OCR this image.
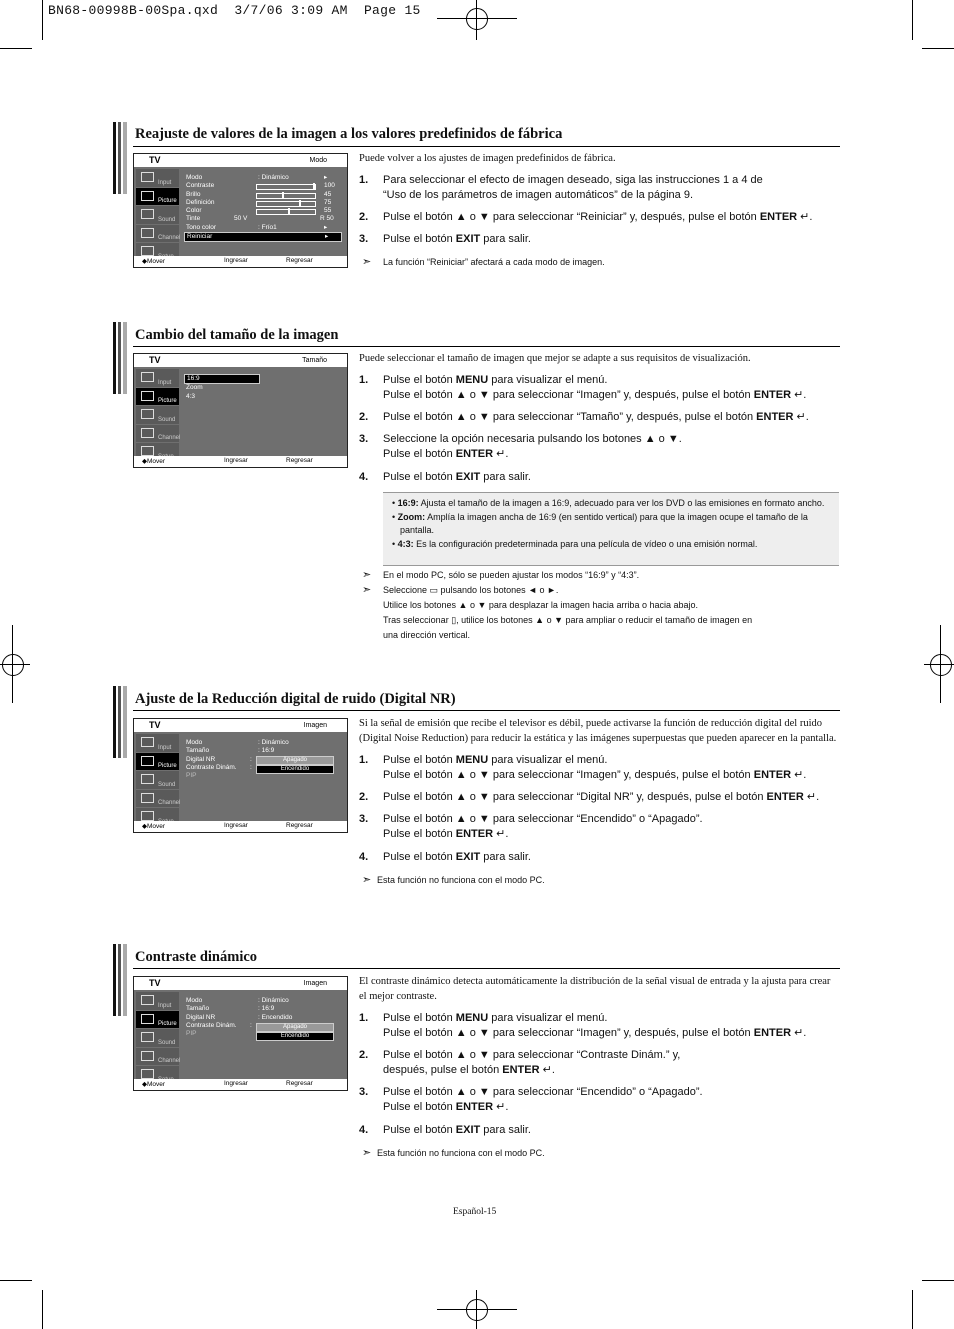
BN68-00998B-00Spa.qxd  3/7/06 3:09 AM  Page 15
Reajuste de valores de la imagen a los valores predefinidos de fábrica
TV	Modo
Input
Picture
Sound
Channel
Modo	: Dinámico	▸
Contraste	100
Brillo	45
Definición	75
Color	55
Tinte	50 V	R 50
Tono color	: Frío1	▸
Reiniciar	▸
◆Mover	Ingresar	Regresar
Puede volver a los ajustes de imagen predefinidos de fábrica.
1. Para seleccionar el efecto de imagen deseado, siga las instrucciones 1 a 4 de
“Uso de los parámetros de imagen automáticos” de la página 9.
2. Pulse el botón ▲ o ▼ para seleccionar “Reiniciar” y, después, pulse el botón ENTER ↵.
3. Pulse el botón EXIT para salir.
➣ La función “Reiniciar” afectará a cada modo de imagen.
Cambio del tamaño de la imagen
TV	Tamaño
Input
Picture
Sound
Channel
16:9
Zoom
4:3
◆Mover	Ingresar	Regresar
Puede seleccionar el tamaño de imagen que mejor se adapte a sus requisitos de visualización.
1. Pulse el botón MENU para visualizar el menú.
Pulse el botón ▲ o ▼ para seleccionar “Imagen” y, después, pulse el botón ENTER ↵.
2. Pulse el botón ▲ o ▼ para seleccionar “Tamaño” y, después, pulse el botón ENTER ↵.
3. Seleccione la opción necesaria pulsando los botones ▲ o ▼.
Pulse el botón ENTER ↵.
4. Pulse el botón EXIT para salir.

• 16:9: Ajusta el tamaño de la imagen a 16:9, adecuado para ver los DVD o las emisiones en formato ancho.

• Zoom: Amplía la imagen ancha de 16:9 (en sentido vertical) para que la imagen ocupe el tamaño de la pantalla.

• 4:3: Es la configuración predeterminada para una película de vídeo o una emisión normal.

➣ En el modo PC, sólo se pueden ajustar los modos “16:9” y “4:3”.
➣ Seleccione ▭ pulsando los botones ◄ o ►.
Utilice los botones ▲ o ▼ para desplazar la imagen hacia arriba o hacia abajo.
Tras seleccionar ▯, utilice los botones ▲ o ▼ para ampliar o reducir el tamaño de imagen en
una dirección vertical.
Ajuste de la Reducción digital de ruido (Digital NR)
TV	Imagen
Input
Picture
Sound
Channel
Modo	: Dinámico
Tamaño	: 16:9
Digital NR	:
Contraste Dinám. :
PIP
Apagado
Encendido
◆Mover	Ingresar	Regresar
Si la señal de emisión que recibe el televisor es débil, puede activarse la función de reducción digital del ruido (Digital Noise Reduction) para reducir la estática y las imágenes superpuestas que pueden aparecer en la pantalla.
1. Pulse el botón MENU para visualizar el menú.
Pulse el botón ▲ o ▼ para seleccionar “Imagen” y, después, pulse el botón ENTER ↵.
2. Pulse el botón ▲ o ▼ para seleccionar “Digital NR” y, después, pulse el botón ENTER ↵.
3. Pulse el botón ▲ o ▼ para seleccionar “Encendido” o “Apagado”.
Pulse el botón ENTER ↵.
4. Pulse el botón EXIT para salir.
➣ Esta función no funciona con el modo PC.
Contraste dinámico
TV	Imagen
Input
Picture
Sound
Channel
Modo	: Dinámico
Tamaño	: 16:9
Digital NR	: Encendido
Contraste Dinám. :
PIP
Apagado
Encendido
◆Mover	Ingresar	Regresar
El contraste dinámico detecta automáticamente la distribución de la señal visual de entrada y la ajusta para crear el mejor contraste.
1. Pulse el botón MENU para visualizar el menú.
Pulse el botón ▲ o ▼ para seleccionar “Imagen” y, después, pulse el botón ENTER ↵.
2. Pulse el botón ▲ o ▼ para seleccionar “Contraste Dinám.” y,
después, pulse el botón ENTER ↵.
3. Pulse el botón ▲ o ▼ para seleccionar “Encendido” o “Apagado”.
Pulse el botón ENTER ↵.
4. Pulse el botón EXIT para salir.
➣ Esta función no funciona con el modo PC.
Español-15
